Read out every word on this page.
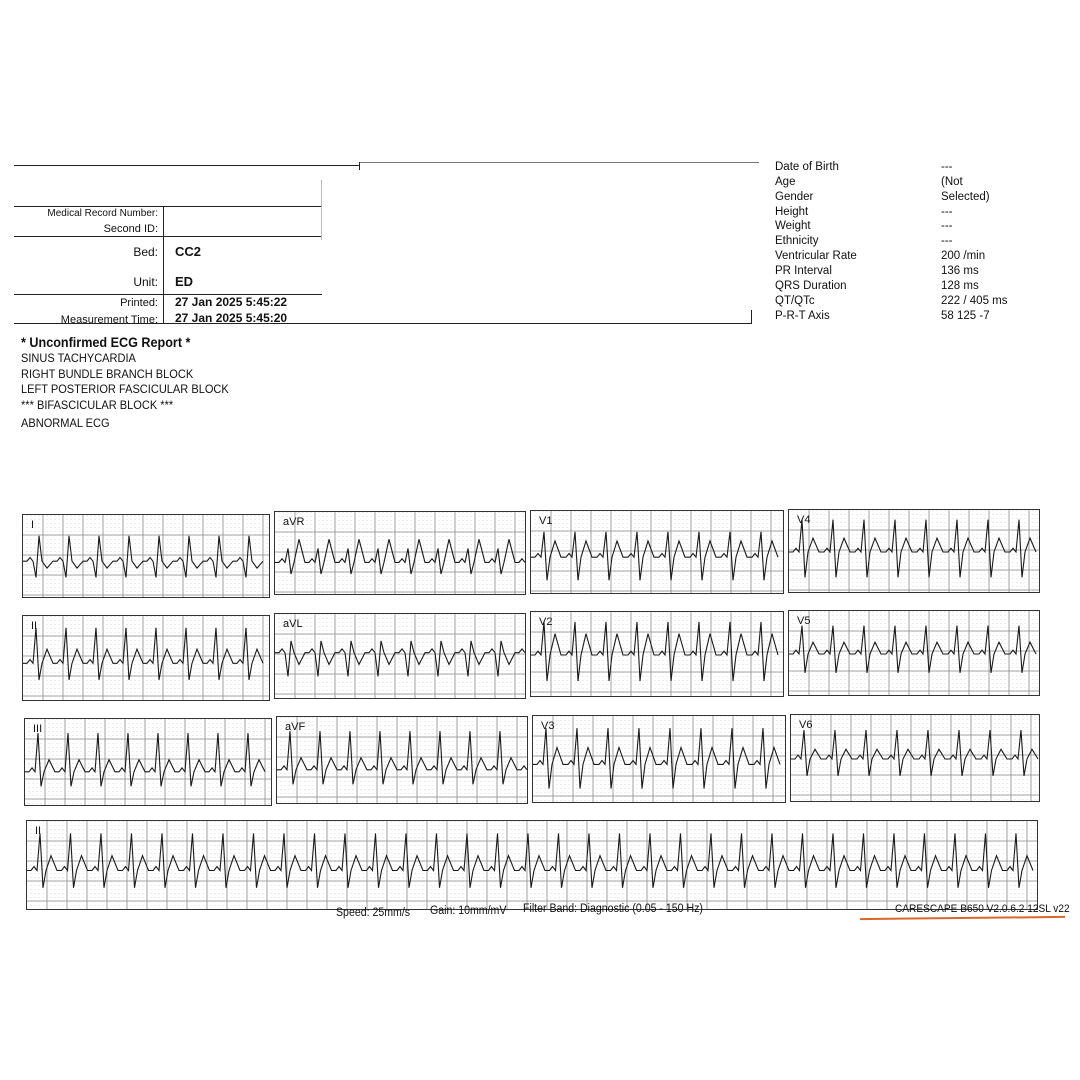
Medical Record Number:
Second ID:
Bed: CC2
Unit: ED
Printed: 27 Jan 2025 5:45:22
Measurement Time: 27 Jan 2025 5:45:20
Date of Birth	---
Age	(Not
Gender	Selected)
Height	---
Weight	---
Ethnicity	---
Ventricular Rate	200 /min
PR Interval	136 ms
QRS Duration	128 ms
QT/QTc	222 / 405 ms
P-R-T Axis	58 125 -7
* Unconfirmed ECG Report *
SINUS TACHYCARDIA
RIGHT BUNDLE BRANCH BLOCK
LEFT POSTERIOR FASCICULAR BLOCK
*** BIFASCICULAR BLOCK ***
ABNORMAL ECG
I	aVR	V1	V4
II	aVL	V2	V5
III	aVF	V3	V6
II
Speed: 25mm/s Gain: 10mm/mV Filter Band: Diagnostic (0.05 - 150 Hz)	CARESCAPE B650 V2.0.6.2 12SL v22
